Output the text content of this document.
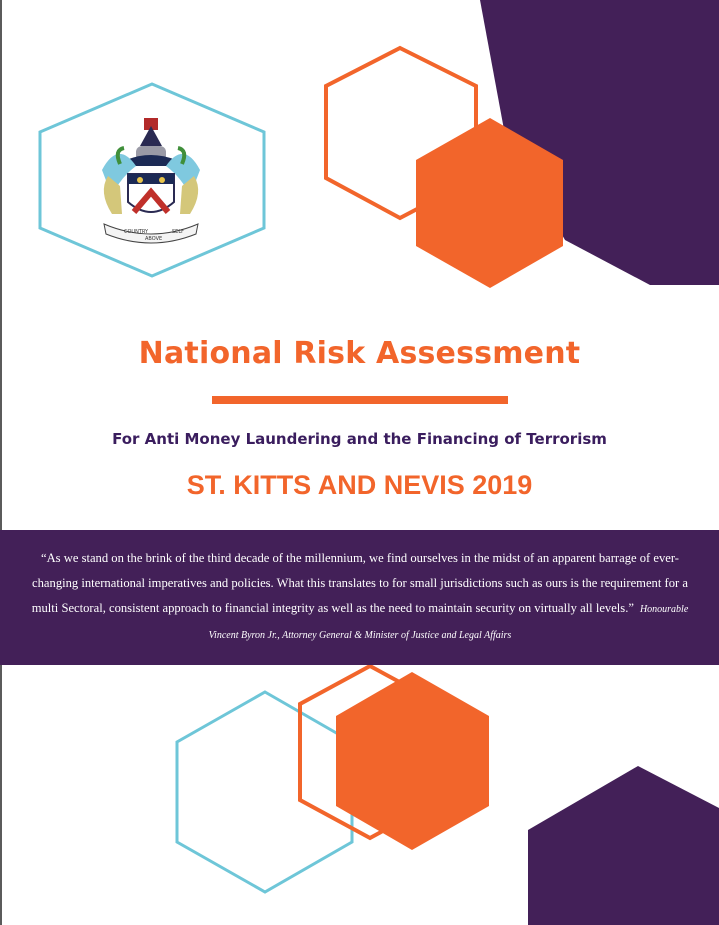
COUNTRY
ABOVE
SELF
National Risk Assessment
For Anti Money Laundering and the Financing of Terrorism
ST. KITTS AND NEVIS 2019
“As we stand on the brink of the third decade of the millennium, we find ourselves in the midst of an apparent barrage of ever-changing international imperatives and policies. What this translates to for small jurisdictions such as ours is the requirement for a multi Sectoral, consistent approach to financial integrity as well as the need to maintain security on virtually all levels.” Honourable Vincent Byron Jr., Attorney General & Minister of Justice and Legal Affairs
